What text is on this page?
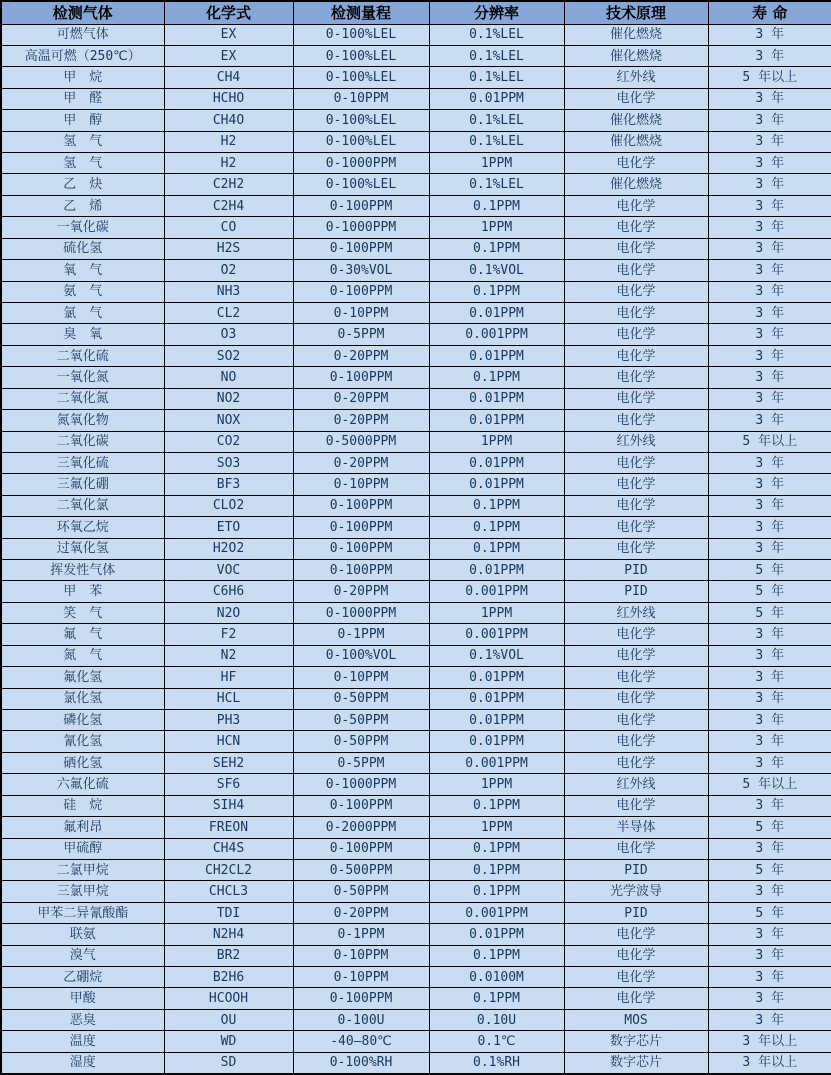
检测气体	化学式	检测量程	分辨率	技术原理	寿 命
可燃气体	EX	0-100%LEL	0.1%LEL	催化燃烧	3 年
高温可燃（250℃）	EX	0-100%LEL	0.1%LEL	催化燃烧	3 年
甲　烷	CH4	0-100%LEL	0.1%LEL	红外线	5 年以上
甲　醛	HCHO	0-10PPM	0.01PPM	电化学	3 年
甲　醇	CH4O	0-100%LEL	0.1%LEL	催化燃烧	3 年
氢　气	H2	0-100%LEL	0.1%LEL	催化燃烧	3 年
氢　气	H2	0-1000PPM	1PPM	电化学	3 年
乙　炔	C2H2	0-100%LEL	0.1%LEL	催化燃烧	3 年
乙　烯	C2H4	0-100PPM	0.1PPM	电化学	3 年
一氧化碳	CO	0-1000PPM	1PPM	电化学	3 年
硫化氢	H2S	0-100PPM	0.1PPM	电化学	3 年
氧　气	O2	0-30%VOL	0.1%VOL	电化学	3 年
氨　气	NH3	0-100PPM	0.1PPM	电化学	3 年
氯　气	CL2	0-10PPM	0.01PPM	电化学	3 年
臭　氧	O3	0-5PPM	0.001PPM	电化学	3 年
二氧化硫	SO2	0-20PPM	0.01PPM	电化学	3 年
一氧化氮	NO	0-100PPM	0.1PPM	电化学	3 年
二氧化氮	NO2	0-20PPM	0.01PPM	电化学	3 年
氮氧化物	NOX	0-20PPM	0.01PPM	电化学	3 年
二氧化碳	CO2	0-5000PPM	1PPM	红外线	5 年以上
三氧化硫	SO3	0-20PPM	0.01PPM	电化学	3 年
三氟化硼	BF3	0-10PPM	0.01PPM	电化学	3 年
二氧化氯	CLO2	0-100PPM	0.1PPM	电化学	3 年
环氧乙烷	ETO	0-100PPM	0.1PPM	电化学	3 年
过氧化氢	H2O2	0-100PPM	0.1PPM	电化学	3 年
挥发性气体	VOC	0-100PPM	0.01PPM	PID	5 年
甲　苯	C6H6	0-20PPM	0.001PPM	PID	5 年
笑　气	N2O	0-1000PPM	1PPM	红外线	5 年
氟　气	F2	0-1PPM	0.001PPM	电化学	3 年
氮　气	N2	0-100%VOL	0.1%VOL	电化学	3 年
氟化氢	HF	0-10PPM	0.01PPM	电化学	3 年
氯化氢	HCL	0-50PPM	0.01PPM	电化学	3 年
磷化氢	PH3	0-50PPM	0.01PPM	电化学	3 年
氰化氢	HCN	0-50PPM	0.01PPM	电化学	3 年
硒化氢	SEH2	0-5PPM	0.001PPM	电化学	3 年
六氟化硫	SF6	0-1000PPM	1PPM	红外线	5 年以上
硅　烷	SIH4	0-100PPM	0.1PPM	电化学	3 年
氟利昂	FREON	0-2000PPM	1PPM	半导体	5 年
甲硫醇	CH4S	0-100PPM	0.1PPM	电化学	3 年
二氯甲烷	CH2CL2	0-500PPM	0.1PPM	PID	5 年
三氯甲烷	CHCL3	0-50PPM	0.1PPM	光学波导	3 年
甲苯二异氰酸酯	TDI	0-20PPM	0.001PPM	PID	5 年
联氨	N2H4	0-1PPM	0.01PPM	电化学	3 年
溴气	BR2	0-10PPM	0.1PPM	电化学	3 年
乙硼烷	B2H6	0-10PPM	0.0100M	电化学	3 年
甲酸	HCOOH	0-100PPM	0.1PPM	电化学	3 年
恶臭	OU	0-100U	0.10U	MOS	3 年
温度	WD	-40—80℃	0.1℃	数字芯片	3 年以上
湿度	SD	0-100%RH	0.1%RH	数字芯片	3 年以上
